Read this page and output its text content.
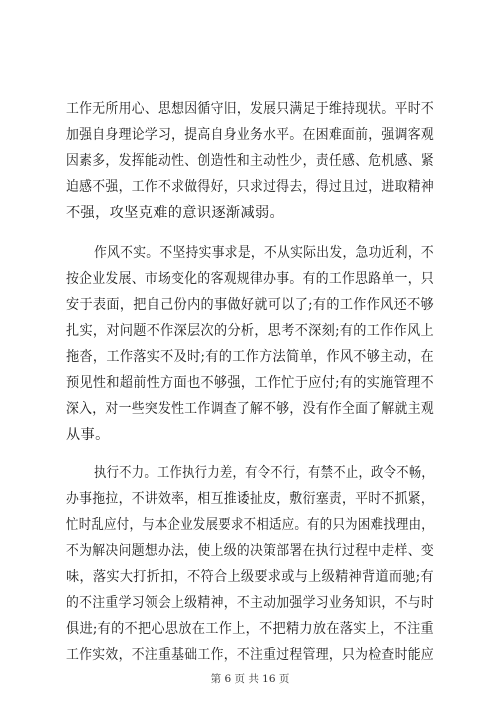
工作无所用心、思想因循守旧，发展只满足于维持现状。平时不
加强自身理论学习，提高自身业务水平。在困难面前，强调客观
因素多，发挥能动性、创造性和主动性少，责任感、危机感、紧
迫感不强，工作不求做得好，只求过得去，得过且过，进取精神
不强，攻坚克难的意识逐渐减弱。
作风不实。不坚持实事求是，不从实际出发，急功近利，不
按企业发展、市场变化的客观规律办事。有的工作思路单一，只
安于表面，把自己份内的事做好就可以了;有的工作作风还不够
扎实，对问题不作深层次的分析，思考不深刻;有的工作作风上
拖沓，工作落实不及时;有的工作方法简单，作风不够主动，在
预见性和超前性方面也不够强，工作忙于应付;有的实施管理不
深入，对一些突发性工作调查了解不够，没有作全面了解就主观
从事。
执行不力。工作执行力差，有令不行，有禁不止，政令不畅，
办事拖拉，不讲效率，相互推诿扯皮，敷衍塞责，平时不抓紧，
忙时乱应付，与本企业发展要求不相适应。有的只为困难找理由，
不为解决问题想办法，使上级的决策部署在执行过程中走样、变
味，落实大打折扣，不符合上级要求或与上级精神背道而驰;有
的不注重学习领会上级精神，不主动加强学习业务知识，不与时
俱进;有的不把心思放在工作上，不把精力放在落实上，不注重
工作实效，不注重基础工作，不注重过程管理，只为检查时能应
第 6 页 共 16 页
